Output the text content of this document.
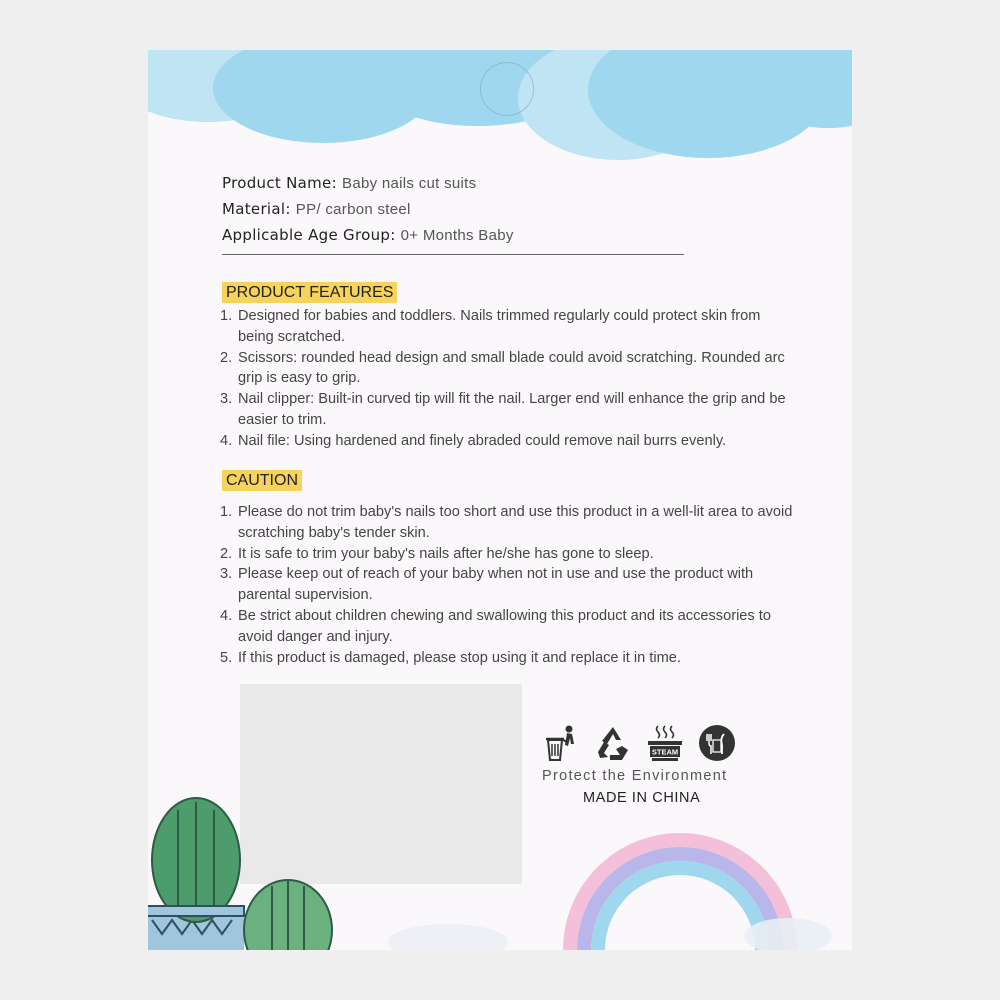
Product Name: Baby nails cut suits
Material: PP/ carbon steel
Applicable Age Group: 0+ Months Baby
PRODUCT FEATURES
1. Designed for babies and toddlers. Nails trimmed regularly could protect skin from being scratched.
2. Scissors: rounded head design and small blade could avoid scratching. Rounded arc grip is easy to grip.
3. Nail clipper: Built-in curved tip will fit the nail. Larger end will enhance the grip and be easier to trim.
4. Nail file: Using hardened and finely abraded could remove nail burrs evenly.
CAUTION
1. Please do not trim baby's nails too short and use this product in a well-lit area to avoid scratching baby's tender skin.
2. It is safe to trim your baby's nails after he/she has gone to sleep.
3. Please keep out of reach of your baby when not in use and use the product with parental supervision.
4. Be strict about children chewing and swallowing this product and its accessories to avoid danger and injury.
5. If this product is damaged, please stop using it and replace it in time.
STEAM
Protect the Environment
MADE IN CHINA
